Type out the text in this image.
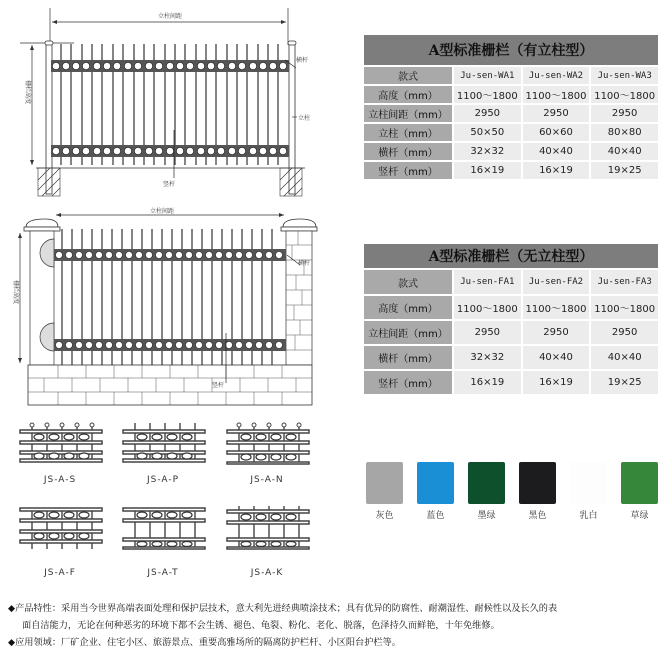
立柱间距
栅栏高度
竖杆
横杆
立柱
立柱间距
栅栏高度
竖杆
横杆
JS-A-S	JS-A-P	JS-A-N
JS-A-F	JS-A-T	JS-A-K
A型标准栅栏（有立柱型）			
款式	Ju-sen-WA1	Ju-sen-WA2	Ju-sen-WA3
高度（mm）	1100～1800	1100～1800	1100～1800
立柱间距（mm）	2950	2950	2950
立柱（mm）	50×50	60×60	80×80
横杆（mm）	32×32	40×40	40×40
竖杆（mm）	16×19	16×19	19×25
A型标准栅栏（无立柱型）			
款式	Ju-sen-FA1	Ju-sen-FA2	Ju-sen-FA3
高度（mm）	1100～1800	1100～1800	1100～1800
立柱间距（mm）	2950	2950	2950
横杆（mm）	32×32	40×40	40×40
竖杆（mm）	16×19	16×19	19×25
灰色	蓝色	墨绿	黑色	乳白	草绿

◆产品特性：采用当今世界高端表面处理和保护层技术，意大利先进经典喷涂技术；具有优异的防腐性、耐潮湿性、耐候性以及长久的表

面自洁能力，无论在何种恶劣的环境下都不会生锈、褪色、龟裂、粉化、老化、脱落，色泽持久而鲜艳，十年免维修。

◆应用领域：厂矿企业、住宅小区、旅游景点、重要高雅场所的隔离防护栏杆、小区阳台护栏等。
